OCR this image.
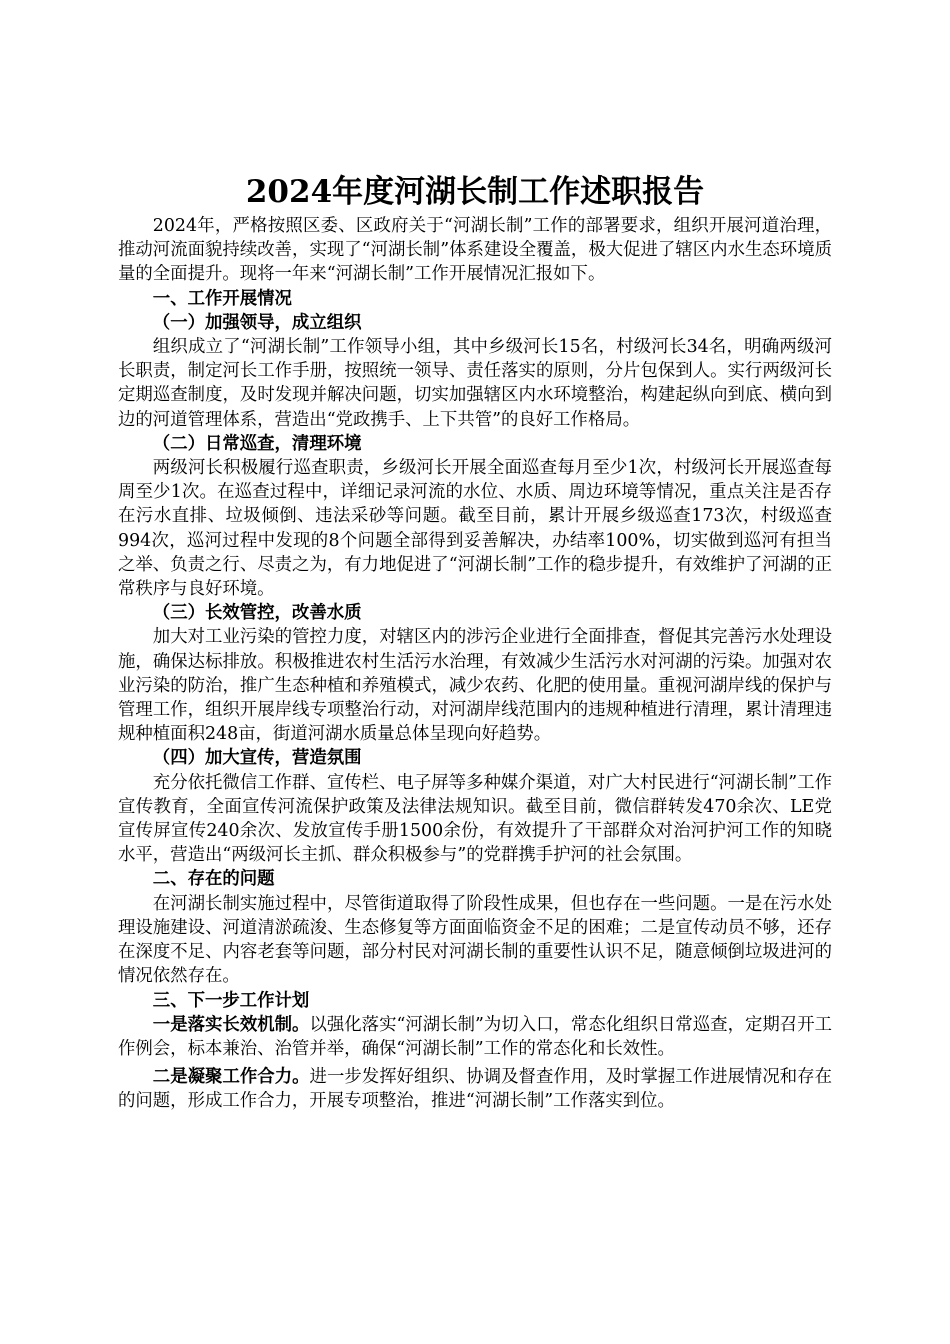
2024年度河湖长制工作述职报告

2024年，严格按照区委、区政府关于“河湖长制”工作的部署要求，组织开展河道治理，推动河流面貌持续改善，实现了“河湖长制”体系建设全覆盖，极大促进了辖区内水生态环境质量的全面提升。现将一年来“河湖长制”工作开展情况汇报如下。

一、工作开展情况
（一）加强领导，成立组织

组织成立了“河湖长制”工作领导小组，其中乡级河长15名，村级河长34名，明确两级河长职责，制定河长工作手册，按照统一领导、责任落实的原则，分片包保到人。实行两级河长定期巡查制度，及时发现并解决问题，切实加强辖区内水环境整治，构建起纵向到底、横向到边的河道管理体系，营造出“党政携手、上下共管”的良好工作格局。

（二）日常巡查，清理环境

两级河长积极履行巡查职责，乡级河长开展全面巡查每月至少1次，村级河长开展巡查每周至少1次。在巡查过程中，详细记录河流的水位、水质、周边环境等情况，重点关注是否存在污水直排、垃圾倾倒、违法采砂等问题。截至目前，累计开展乡级巡查173次，村级巡查994次，巡河过程中发现的8个问题全部得到妥善解决，办结率100%，切实做到巡河有担当之举、负责之行、尽责之为，有力地促进了“河湖长制”工作的稳步提升，有效维护了河湖的正常秩序与良好环境。

（三）长效管控，改善水质

加大对工业污染的管控力度，对辖区内的涉污企业进行全面排查，督促其完善污水处理设施，确保达标排放。积极推进农村生活污水治理，有效减少生活污水对河湖的污染。加强对农业污染的防治，推广生态种植和养殖模式，减少农药、化肥的使用量。重视河湖岸线的保护与管理工作，组织开展岸线专项整治行动，对河湖岸线范围内的违规种植进行清理，累计清理违规种植面积248亩，街道河湖水质量总体呈现向好趋势。

（四）加大宣传，营造氛围

充分依托微信工作群、宣传栏、电子屏等多种媒介渠道，对广大村民进行“河湖长制”工作宣传教育，全面宣传河流保护政策及法律法规知识。截至目前，微信群转发470余次、LE党宣传屏宣传240余次、发放宣传手册1500余份，有效提升了干部群众对治河护河工作的知晓水平，营造出“两级河长主抓、群众积极参与”的党群携手护河的社会氛围。

二、存在的问题

在河湖长制实施过程中，尽管街道取得了阶段性成果，但也存在一些问题。一是在污水处理设施建设、河道清淤疏浚、生态修复等方面面临资金不足的困难；二是宣传动员不够，还存在深度不足、内容老套等问题，部分村民对河湖长制的重要性认识不足，随意倾倒垃圾进河的情况依然存在。

三、下一步工作计划

一是落实长效机制。以强化落实“河湖长制”为切入口，常态化组织日常巡查，定期召开工作例会，标本兼治、治管并举，确保“河湖长制”工作的常态化和长效性。

二是凝聚工作合力。进一步发挥好组织、协调及督查作用，及时掌握工作进展情况和存在的问题，形成工作合力，开展专项整治，推进“河湖长制”工作落实到位。
